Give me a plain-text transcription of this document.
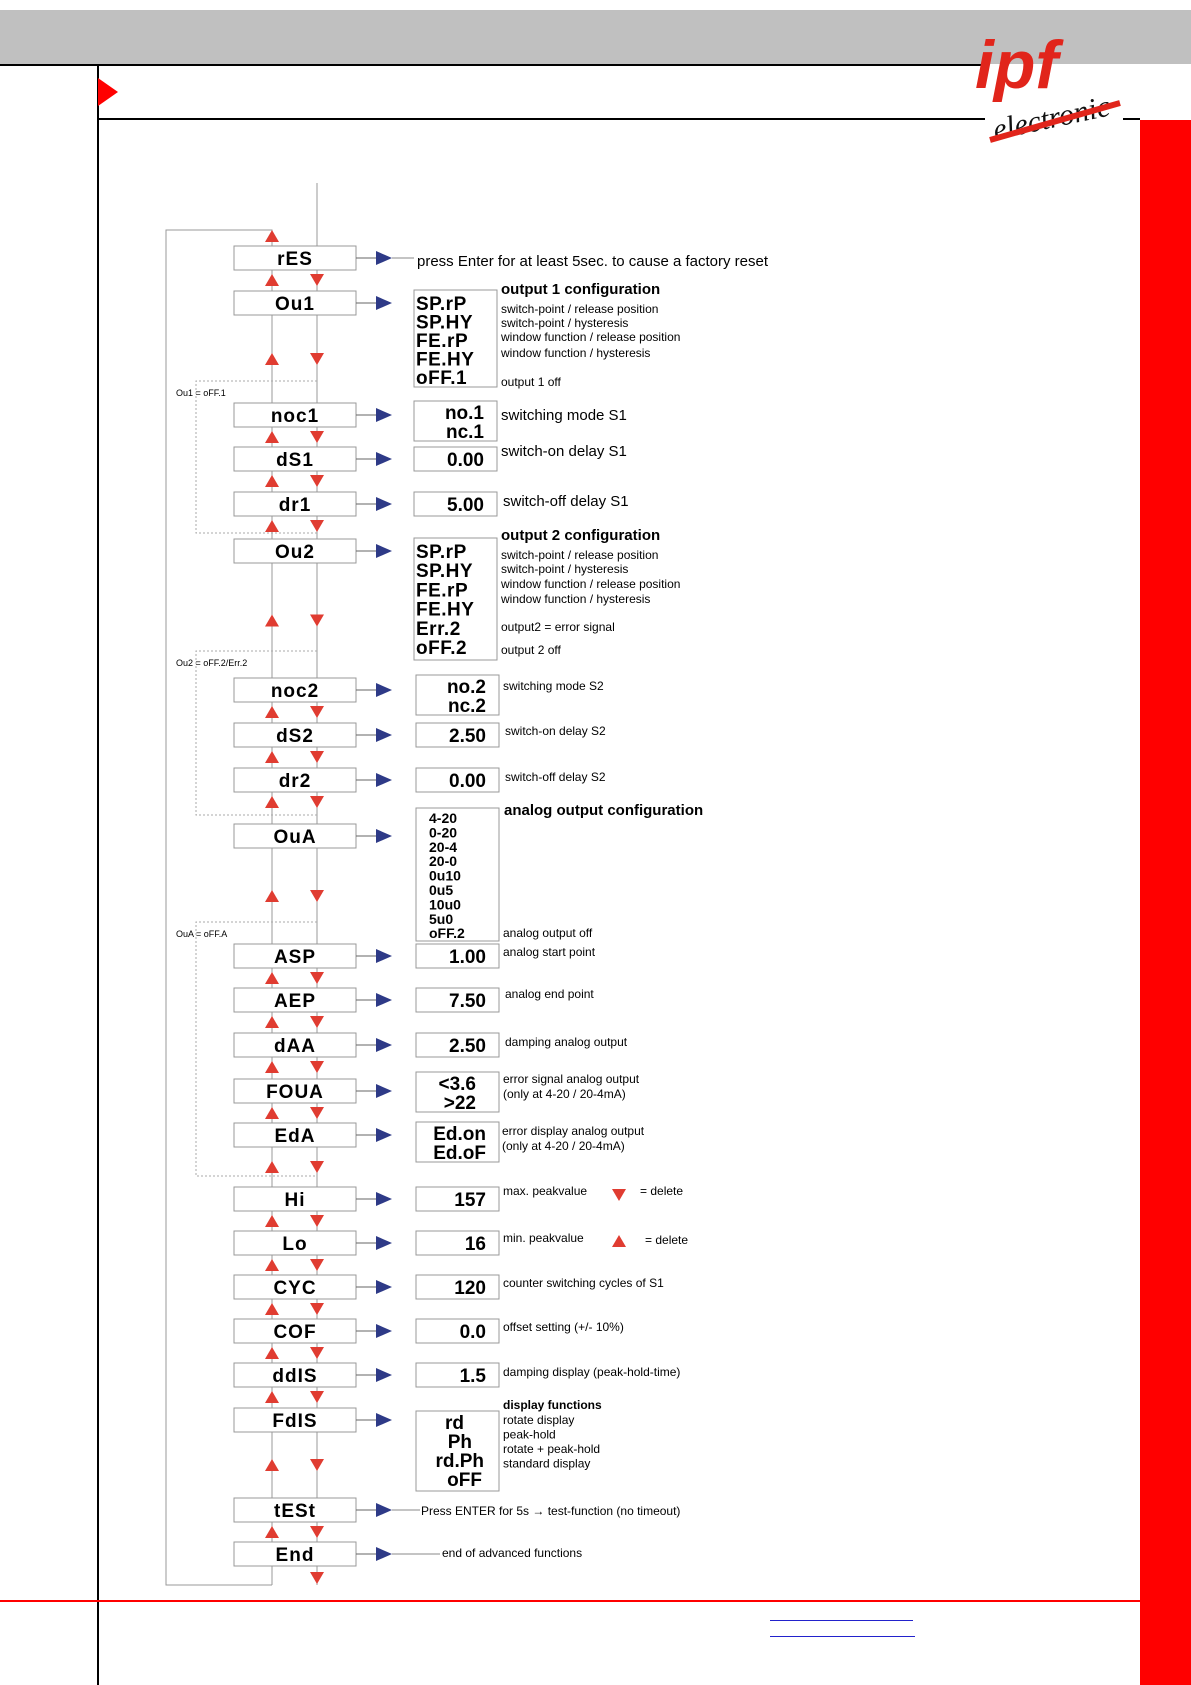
ipf
electronic
Ou1 = oFF.1
Ou2 = oFF.2/Err.2
OuA = oFF.A
rES
Ou1
noc1
dS1
dr1
Ou2
noc2
dS2
dr2
OuA
ASP
AEP
dAA
FOUA
EdA
Hi
Lo
CYC
COF
ddIS
FdIS
tESt
End
press Enter for at least 5sec. to cause a factory reset
SP.rP
SP.HY
FE.rP
FE.HY
oFF.1
output 1 configuration
switch-point / release position
switch-point / hysteresis
window function / release position
window function / hysteresis
output 1 off
no.1
nc.1
switching mode S1
0.00 switch-on delay S1
5.00 switch-off delay S1
SP.rP
SP.HY
FE.rP
FE.HY
Err.2
oFF.2
output 2 configuration
switch-point / release position
switch-point / hysteresis
window function / release position
window function / hysteresis
output2 = error signal
output 2 off
no.2
nc.2
switching mode S2
2.50 switch-on delay S2
0.00 switch-off delay S2
4-20
0-20
20-4
20-0
0u10
0u5
10u0
5u0
oFF.2
analog output configuration
analog output off
1.00
7.50
2.50
analog start point
analog end point
damping analog output
<3.6
>22
error signal analog output
(only at 4-20 / 20-4mA)
Ed.on
Ed.oF
error display analog output
(only at 4-20 / 20-4mA)
157 max. peakvalue	= delete
16 min. peakvalue	= delete
120
0.0
1.5
counter switching cycles of S1
offset setting (+/- 10%)
damping display (peak-hold-time)
rd
Ph
rd.Ph
oFF
display functions
rotate display
peak-hold
rotate + peak-hold
standard display
Press ENTER for 5s → test-function (no timeout)
end of advanced functions
